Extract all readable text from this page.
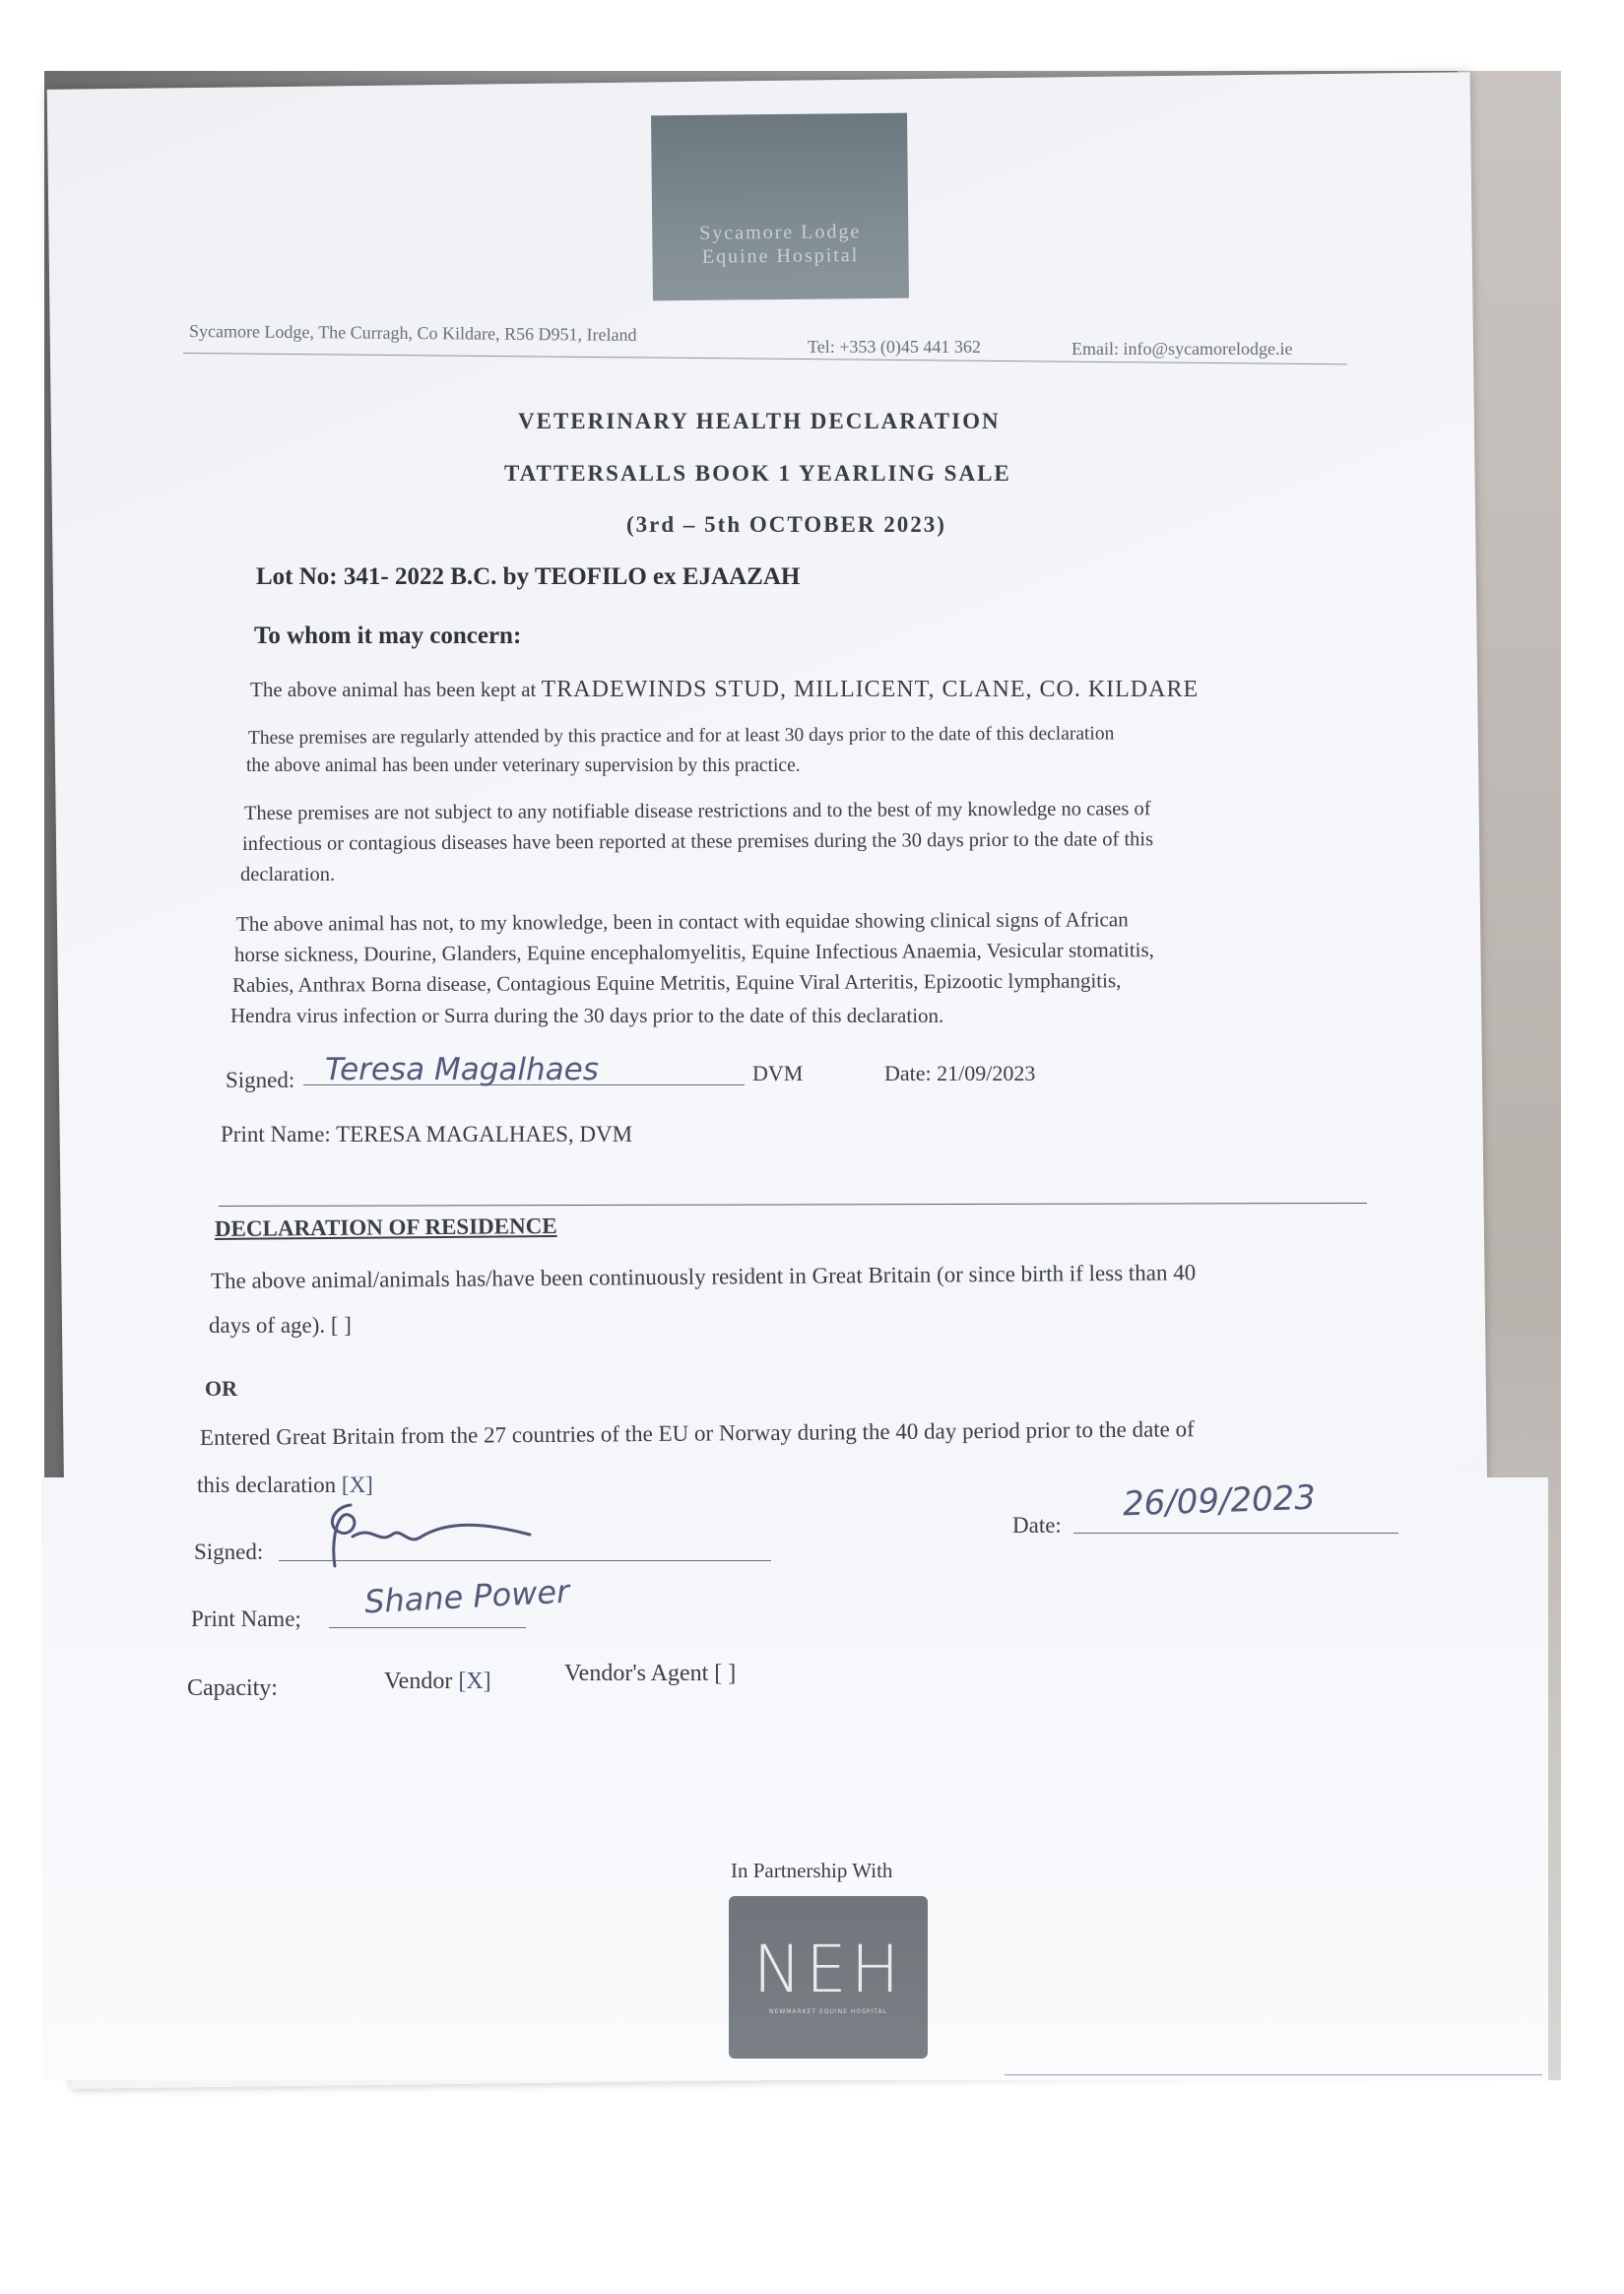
Sycamore Lodge Equine Hospital
Sycamore Lodge, The Curragh, Co Kildare, R56 D951, Ireland
Tel: +353 (0)45 441 362	Email: info@sycamorelodge.ie
VETERINARY HEALTH DECLARATION
TATTERSALLS BOOK 1 YEARLING SALE
(3rd – 5th OCTOBER 2023)
Lot No: 341- 2022 B.C. by TEOFILO ex EJAAZAH
To whom it may concern:
The above animal has been kept at TRADEWINDS STUD, MILLICENT, CLANE, CO. KILDARE
These premises are regularly attended by this practice and for at least 30 days prior to the date of this declaration
the above animal has been under veterinary supervision by this practice.
These premises are not subject to any notifiable disease restrictions and to the best of my knowledge no cases of
infectious or contagious diseases have been reported at these premises during the 30 days prior to the date of this
declaration.
The above animal has not, to my knowledge, been in contact with equidae showing clinical signs of African
horse sickness, Dourine, Glanders, Equine encephalomyelitis, Equine Infectious Anaemia, Vesicular stomatitis,
Rabies, Anthrax Borna disease, Contagious Equine Metritis, Equine Viral Arteritis, Epizootic lymphangitis,
Hendra virus infection or Surra during the 30 days prior to the date of this declaration.
Signed: Teresa Magalhaes	DVM	Date: 21/09/2023
Print Name: TERESA MAGALHAES, DVM
DECLARATION OF RESIDENCE
The above animal/animals has/have been continuously resident in Great Britain (or since birth if less than 40
days of age). [ ]
OR
Entered Great Britain from the 27 countries of the EU or Norway during the 40 day period prior to the date of
this declaration [X]
Date:
26/09/2023
Signed:
Print Name; Shane Power
Capacity:	Vendor [X]	Vendor's Agent [ ]
In Partnership With
NEH
NEWMARKET EQUINE HOSPITAL
